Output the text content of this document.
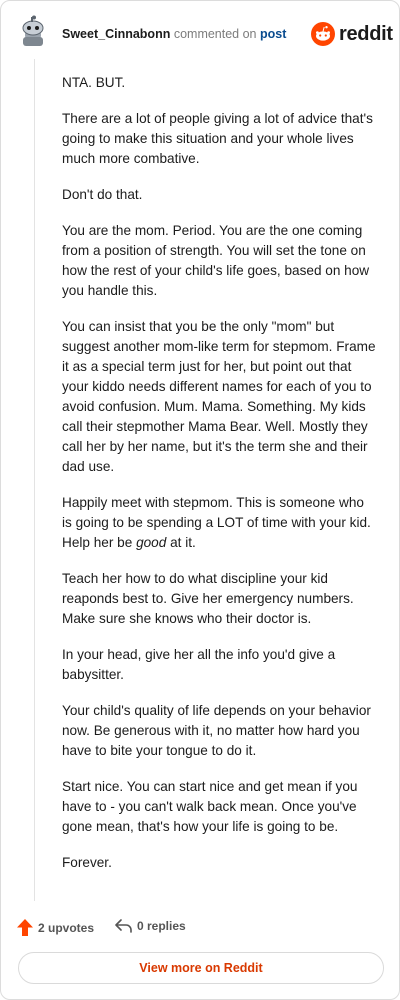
Sweet_Cinnabonn commented on post	reddit

NTA. BUT.

There are a lot of people giving a lot of advice that's going to make this situation and your whole lives much more combative.

Don't do that.

You are the mom. Period. You are the one coming from a position of strength. You will set the tone on how the rest of your child's life goes, based on how you handle this.

You can insist that you be the only "mom" but suggest another mom-like term for stepmom. Frame it as a special term just for her, but point out that your kiddo needs different names for each of you to avoid confusion. Mum. Mama. Something. My kids call their stepmother Mama Bear. Well. Mostly they call her by her name, but it's the term she and their dad use.

Happily meet with stepmom. This is someone who is going to be spending a LOT of time with your kid. Help her be good at it.

Teach her how to do what discipline your kid reaponds best to. Give her emergency numbers. Make sure she knows who their doctor is.

In your head, give her all the info you'd give a babysitter.

Your child's quality of life depends on your behavior now. Be generous with it, no matter how hard you have to bite your tongue to do it.

Start nice. You can start nice and get mean if you have to - you can't walk back mean. Once you've gone mean, that's how your life is going to be.

Forever.

2 upvotes	0 replies
View more on Reddit
